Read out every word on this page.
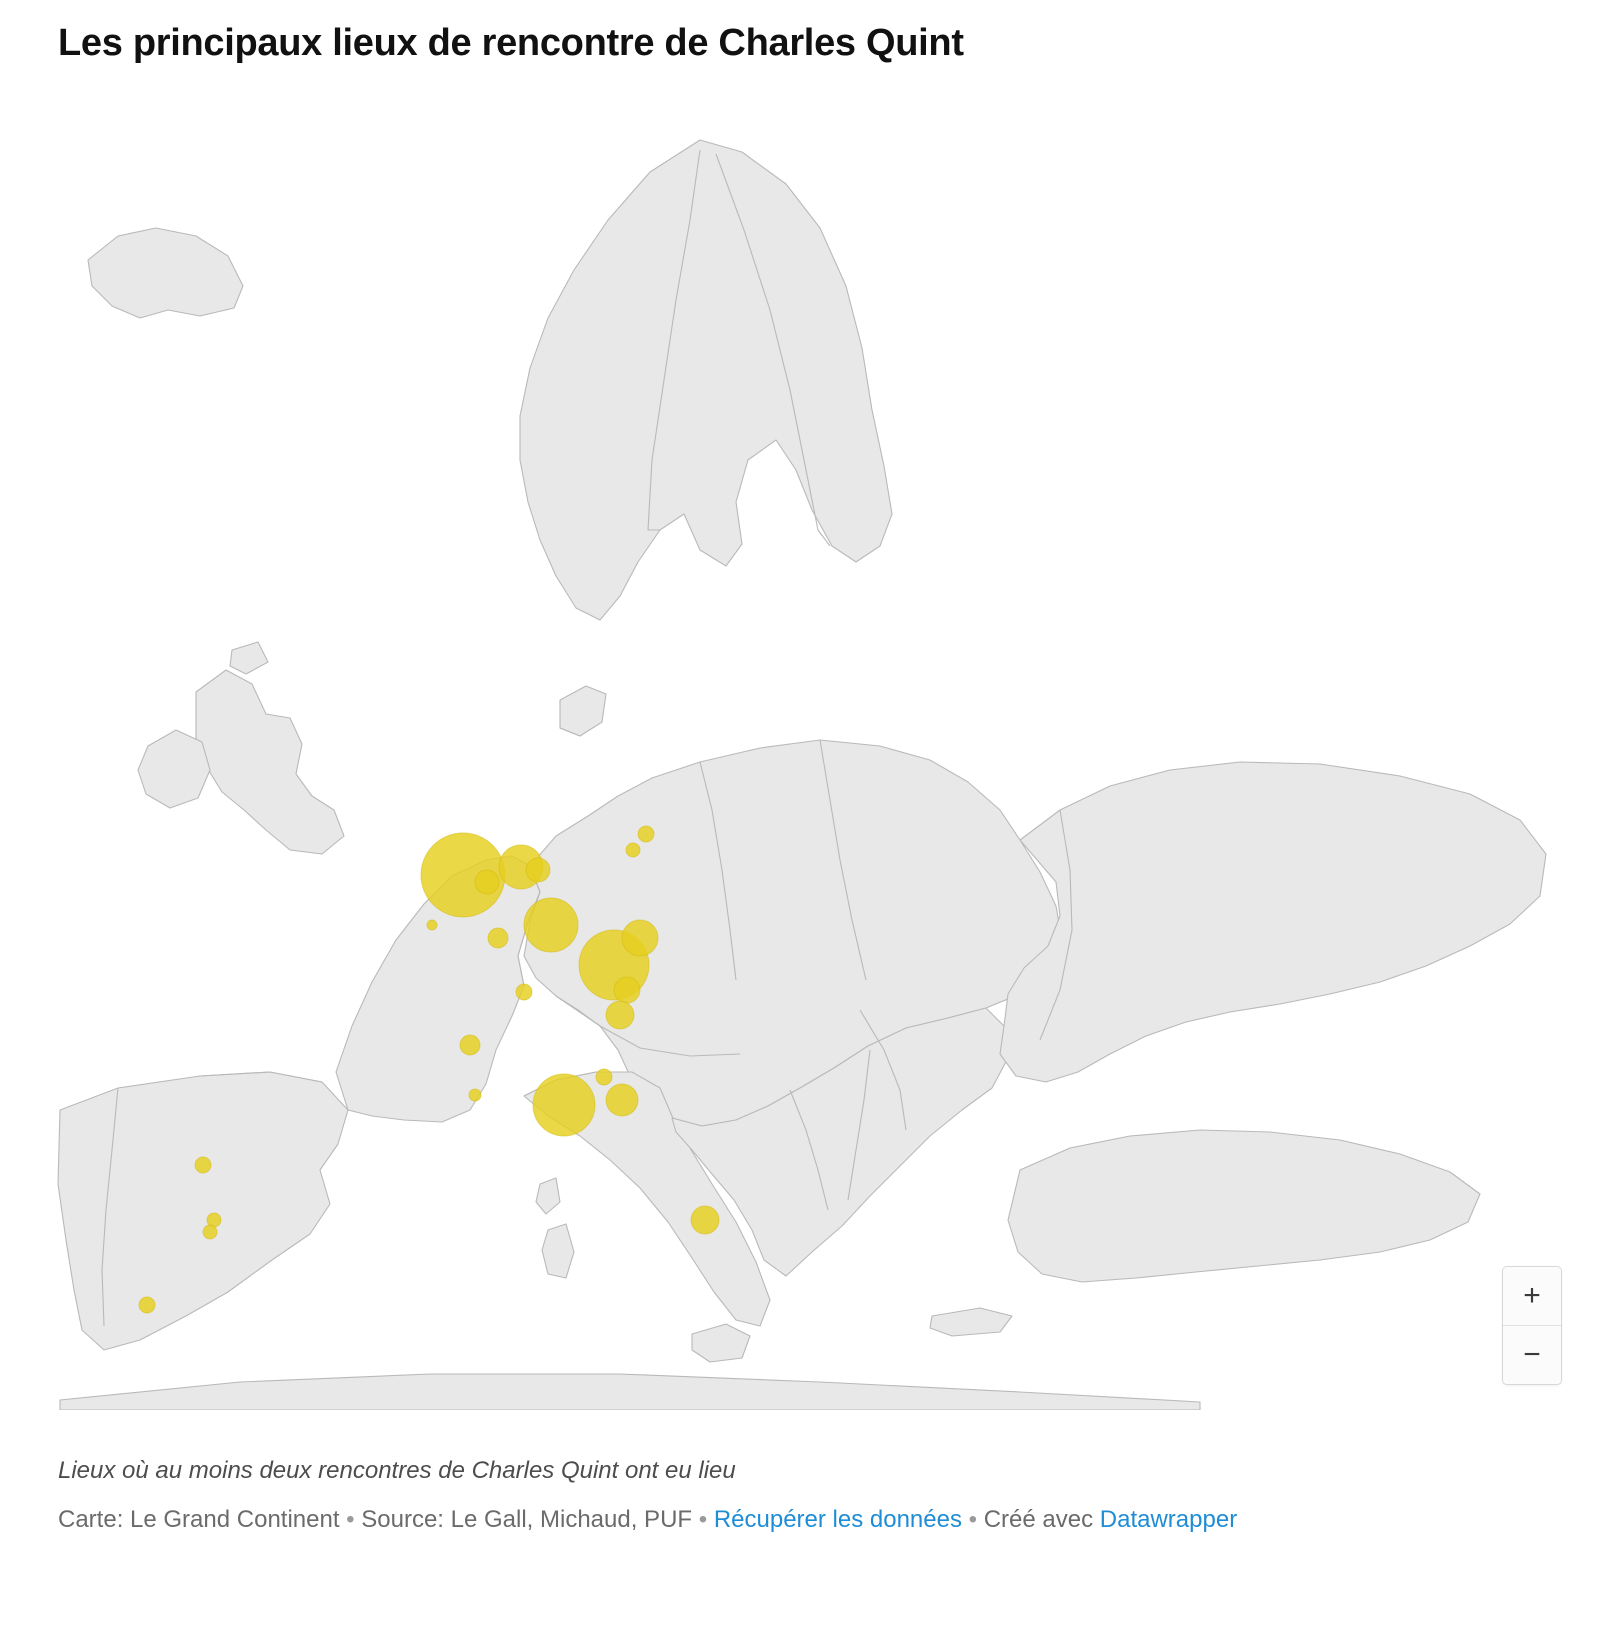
Les principaux lieux de rencontre de Charles Quint
+
−
Lieux où au moins deux rencontres de Charles Quint ont eu lieu
Carte: Le Grand Continent • Source: Le Gall, Michaud, PUF • Récupérer les données • Créé avec Datawrapper
